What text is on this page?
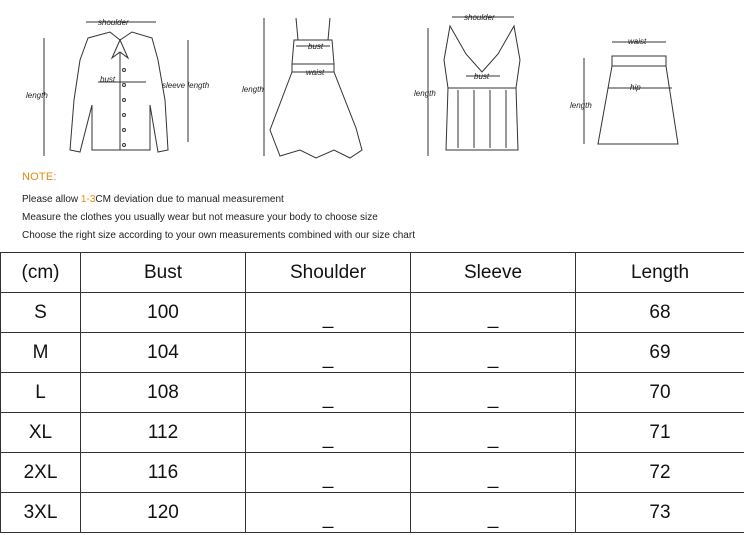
shoulder
length
bust
sleeve length	length
bust
waist
shoulder
length
bust
waist
hip
length
NOTE:
Please allow 1-3CM deviation due to manual measurement
Measure the clothes you usually wear but not measure your body to choose size
Choose the right size according to your own measurements combined with our size chart
(cm)	Bust	Shoulder	Sleeve	Length
S	100	_	_	68
M	104	_	_	69
L	108	_	_	70
XL	112	_	_	71
2XL	116	_	_	72
3XL	120	_	_	73
